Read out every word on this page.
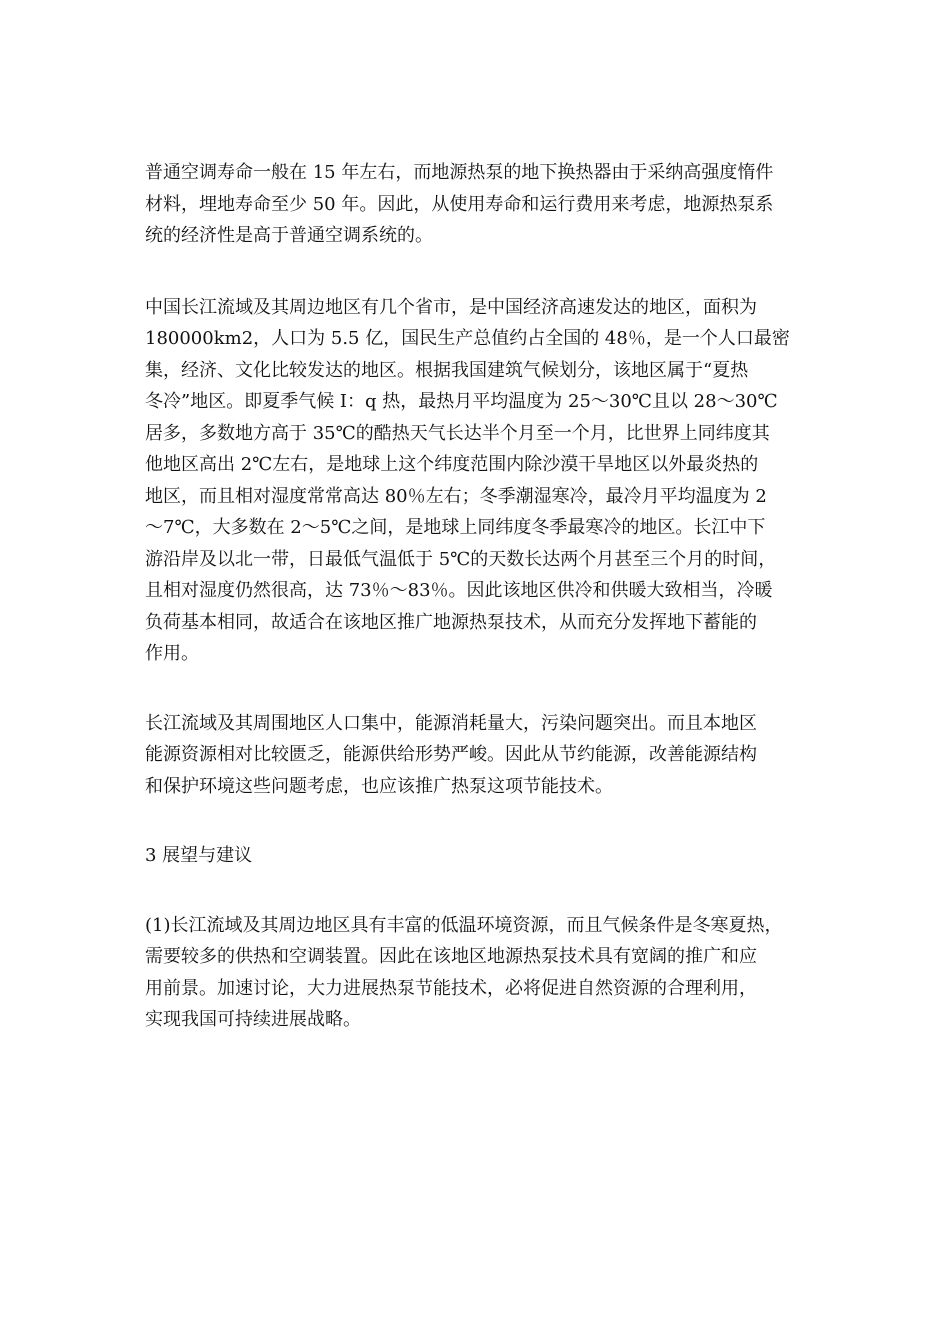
普通空调寿命一般在 15 年左右，而地源热泵的地下换热器由于采纳高强度惰件
材料，埋地寿命至少 50 年。因此，从使用寿命和运行费用来考虑，地源热泵系
统的经济性是高于普通空调系统的。

中国长江流域及其周边地区有几个省市，是中国经济高速发达的地区，面积为
180000km2，人口为 5.5 亿，国民生产总值约占全国的 48％，是一个人口最密
集，经济、文化比较发达的地区。根据我国建筑气候划分，该地区属于“夏热
冬冷”地区。即夏季气候 I：q 热，最热月平均温度为 25～30℃且以 28～30℃
居多，多数地方高于 35℃的酷热天气长达半个月至一个月，比世界上同纬度其
他地区高出 2℃左右，是地球上这个纬度范围内除沙漠干旱地区以外最炎热的
地区，而且相对湿度常常高达 80％左右；冬季潮湿寒冷，最冷月平均温度为 2
～7℃，大多数在 2～5℃之间，是地球上同纬度冬季最寒冷的地区。长江中下
游沿岸及以北一带，日最低气温低于 5℃的天数长达两个月甚至三个月的时间，
且相对湿度仍然很高，达 73％～83％。因此该地区供冷和供暖大致相当，冷暖
负荷基本相同，故适合在该地区推广地源热泵技术，从而充分发挥地下蓄能的
作用。

长江流域及其周围地区人口集中，能源消耗量大，污染问题突出。而且本地区
能源资源相对比较匮乏，能源供给形势严峻。因此从节约能源，改善能源结构
和保护环境这些问题考虑，也应该推广热泵这项节能技术。

3 展望与建议

(1)长江流域及其周边地区具有丰富的低温环境资源，而且气候条件是冬寒夏热，
需要较多的供热和空调装置。因此在该地区地源热泵技术具有宽阔的推广和应
用前景。加速讨论，大力进展热泵节能技术，必将促进自然资源的合理利用，
实现我国可持续进展战略。
